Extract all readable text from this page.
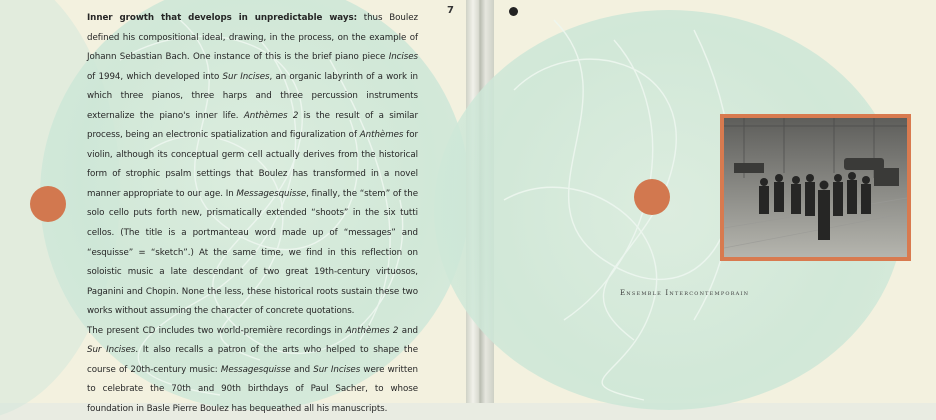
Inner growth that develops in unpredictable ways: thus Boulez defined his compositional ideal, drawing, in the process, on the example of Johann Sebastian Bach. One instance of this is the brief piano piece Incises of 1994, which developed into Sur Incises, an organic labyrinth of a work in which three pianos, three harps and three percussion instruments externalize the piano's inner life. Anthèmes 2 is the result of a similar process, being an electronic spatialization and figuralization of Anthèmes for violin, although its conceptual germ cell actually derives from the historical form of strophic psalm settings that Boulez has transformed in a novel manner appropriate to our age. In Messagesquisse, finally, the “stem” of the solo cello puts forth new, prismatically extended “shoots” in the six tutti cellos. (The title is a portmanteau word made up of “messages” and “esquisse” = “sketch”.) At the same time, we find in this reflection on soloistic music a late descendant of two great 19th-century virtuosos, Paganini and Chopin. None the less, these historical roots sustain these two works without assuming the character of concrete quotations.
The present CD includes two world-première recordings in Anthèmes 2 and Sur Incises. It also recalls a patron of the arts who helped to shape the course of 20th-century music: Messagesquisse and Sur Incises were written to celebrate the 70th and 90th birthdays of Paul Sacher, to whose foundation in Basle Pierre Boulez has bequeathed all his manuscripts.

7
Ensemble Intercontemporain
